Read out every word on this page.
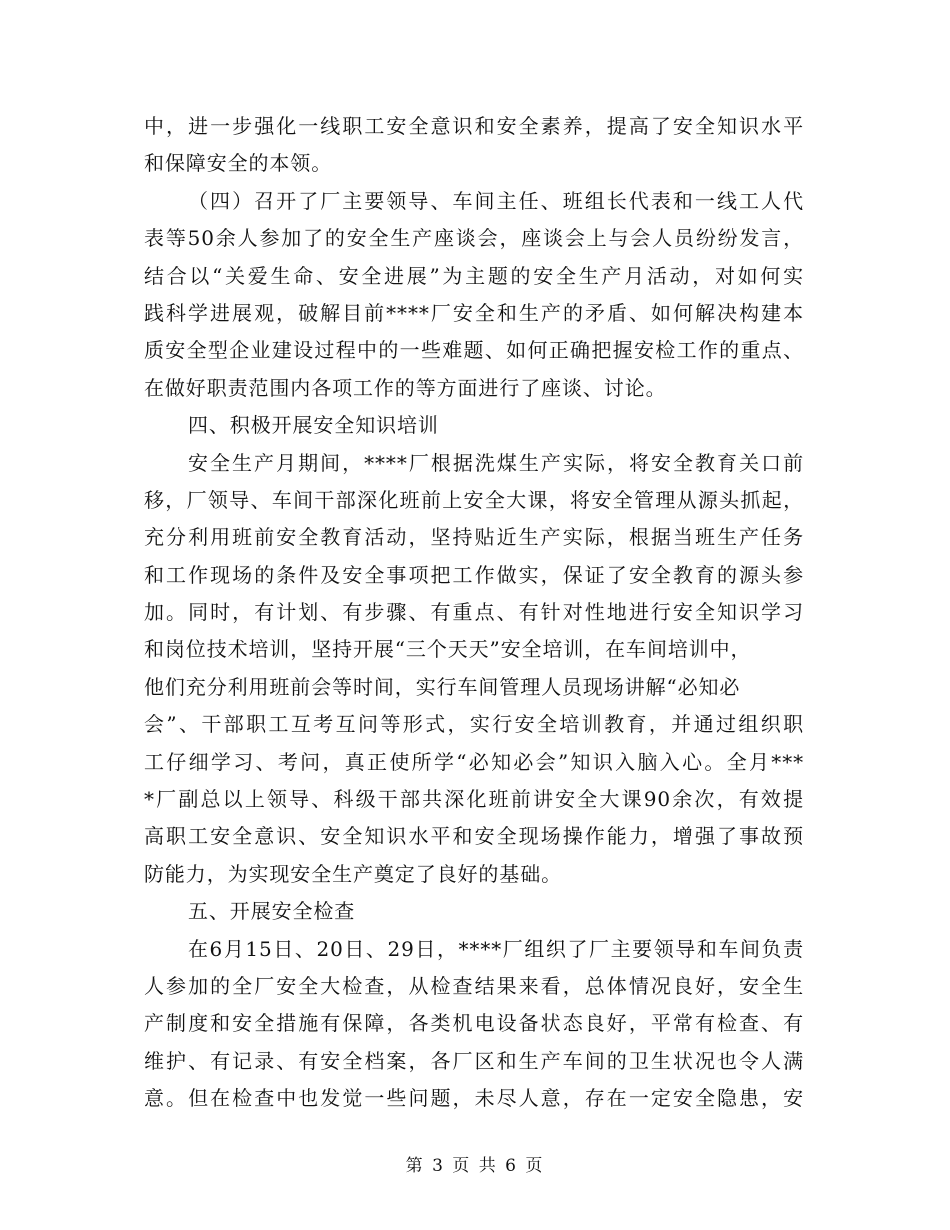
中，进一步强化一线职工安全意识和安全素养，提高了安全知识水平
和保障安全的本领。
（四）召开了厂主要领导、车间主任、班组长代表和一线工人代
表等50余人参加了的安全生产座谈会，座谈会上与会人员纷纷发言，
结合以“关爱生命、安全进展”为主题的安全生产月活动，对如何实
践科学进展观，破解目前****厂安全和生产的矛盾、如何解决构建本
质安全型企业建设过程中的一些难题、如何正确把握安检工作的重点、
在做好职责范围内各项工作的等方面进行了座谈、讨论。
四、积极开展安全知识培训
安全生产月期间，****厂根据洗煤生产实际，将安全教育关口前
移，厂领导、车间干部深化班前上安全大课，将安全管理从源头抓起，
充分利用班前安全教育活动，坚持贴近生产实际，根据当班生产任务
和工作现场的条件及安全事项把工作做实，保证了安全教育的源头参
加。同时，有计划、有步骤、有重点、有针对性地进行安全知识学习
和岗位技术培训，坚持开展“三个天天”安全培训，在车间培训中，
他们充分利用班前会等时间，实行车间管理人员现场讲解“必知必
会”、干部职工互考互问等形式，实行安全培训教育，并通过组织职
工仔细学习、考问，真正使所学“必知必会”知识入脑入心。全月***
*厂副总以上领导、科级干部共深化班前讲安全大课90余次，有效提
高职工安全意识、安全知识水平和安全现场操作能力，增强了事故预
防能力，为实现安全生产奠定了良好的基础。
五、开展安全检查
在6月15日、20日、29日，****厂组织了厂主要领导和车间负责
人参加的全厂安全大检查，从检查结果来看，总体情况良好，安全生
产制度和安全措施有保障，各类机电设备状态良好，平常有检查、有
维护、有记录、有安全档案，各厂区和生产车间的卫生状况也令人满
意。但在检查中也发觉一些问题，未尽人意，存在一定安全隐患，安
第 3 页 共 6 页
